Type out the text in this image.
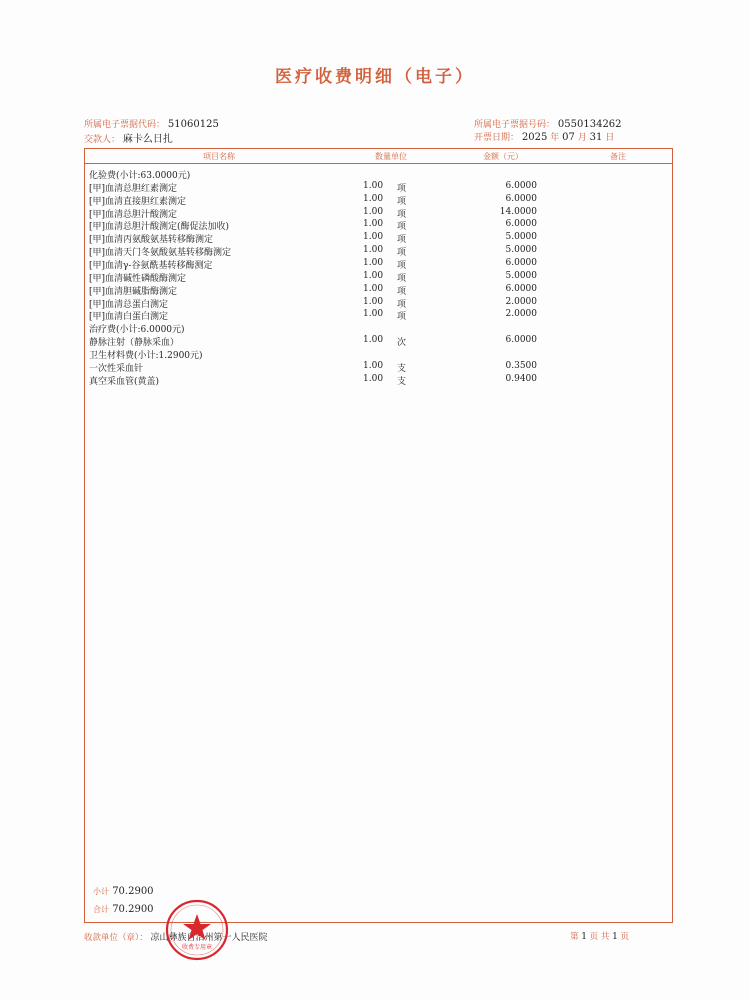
医疗收费明细（电子）
所属电子票据代码： 51060125
交款人： 麻卡么日扎
所属电子票据号码： 0550134262
开票日期： 2025 年 07 月 31 日
项目名称	数量单位	金额（元）	备注
化验费(小计:63.0000元)
[甲]血清总胆红素测定	1.00 项	6.0000
[甲]血清直接胆红素测定	1.00 项	6.0000
[甲]血清总胆汁酸测定	1.00 项	14.0000
[甲]血清总胆汁酸测定(酶促法加收)	1.00 项	6.0000
[甲]血清丙氨酸氨基转移酶测定	1.00 项	5.0000
[甲]血清天门冬氨酸氨基转移酶测定	1.00 项	5.0000
[甲]血清γ-谷氨酰基转移酶测定	1.00 项	6.0000
[甲]血清碱性磷酸酶测定	1.00 项	5.0000
[甲]血清胆碱脂酶测定	1.00 项	6.0000
[甲]血清总蛋白测定	1.00 项	2.0000
[甲]血清白蛋白测定	1.00 项	2.0000
治疗费(小计:6.0000元)
静脉注射（静脉采血）	1.00 次	6.0000
卫生材料费(小计:1.2900元)
一次性采血针	1.00 支	0.3500
真空采血管(黄盖)	1.00 支	0.9400
小计 70.2900
合计 70.2900
收款单位（章）： 凉山彝族自治州第一人民医院	第 1 页 共 1 页
收费专用章
